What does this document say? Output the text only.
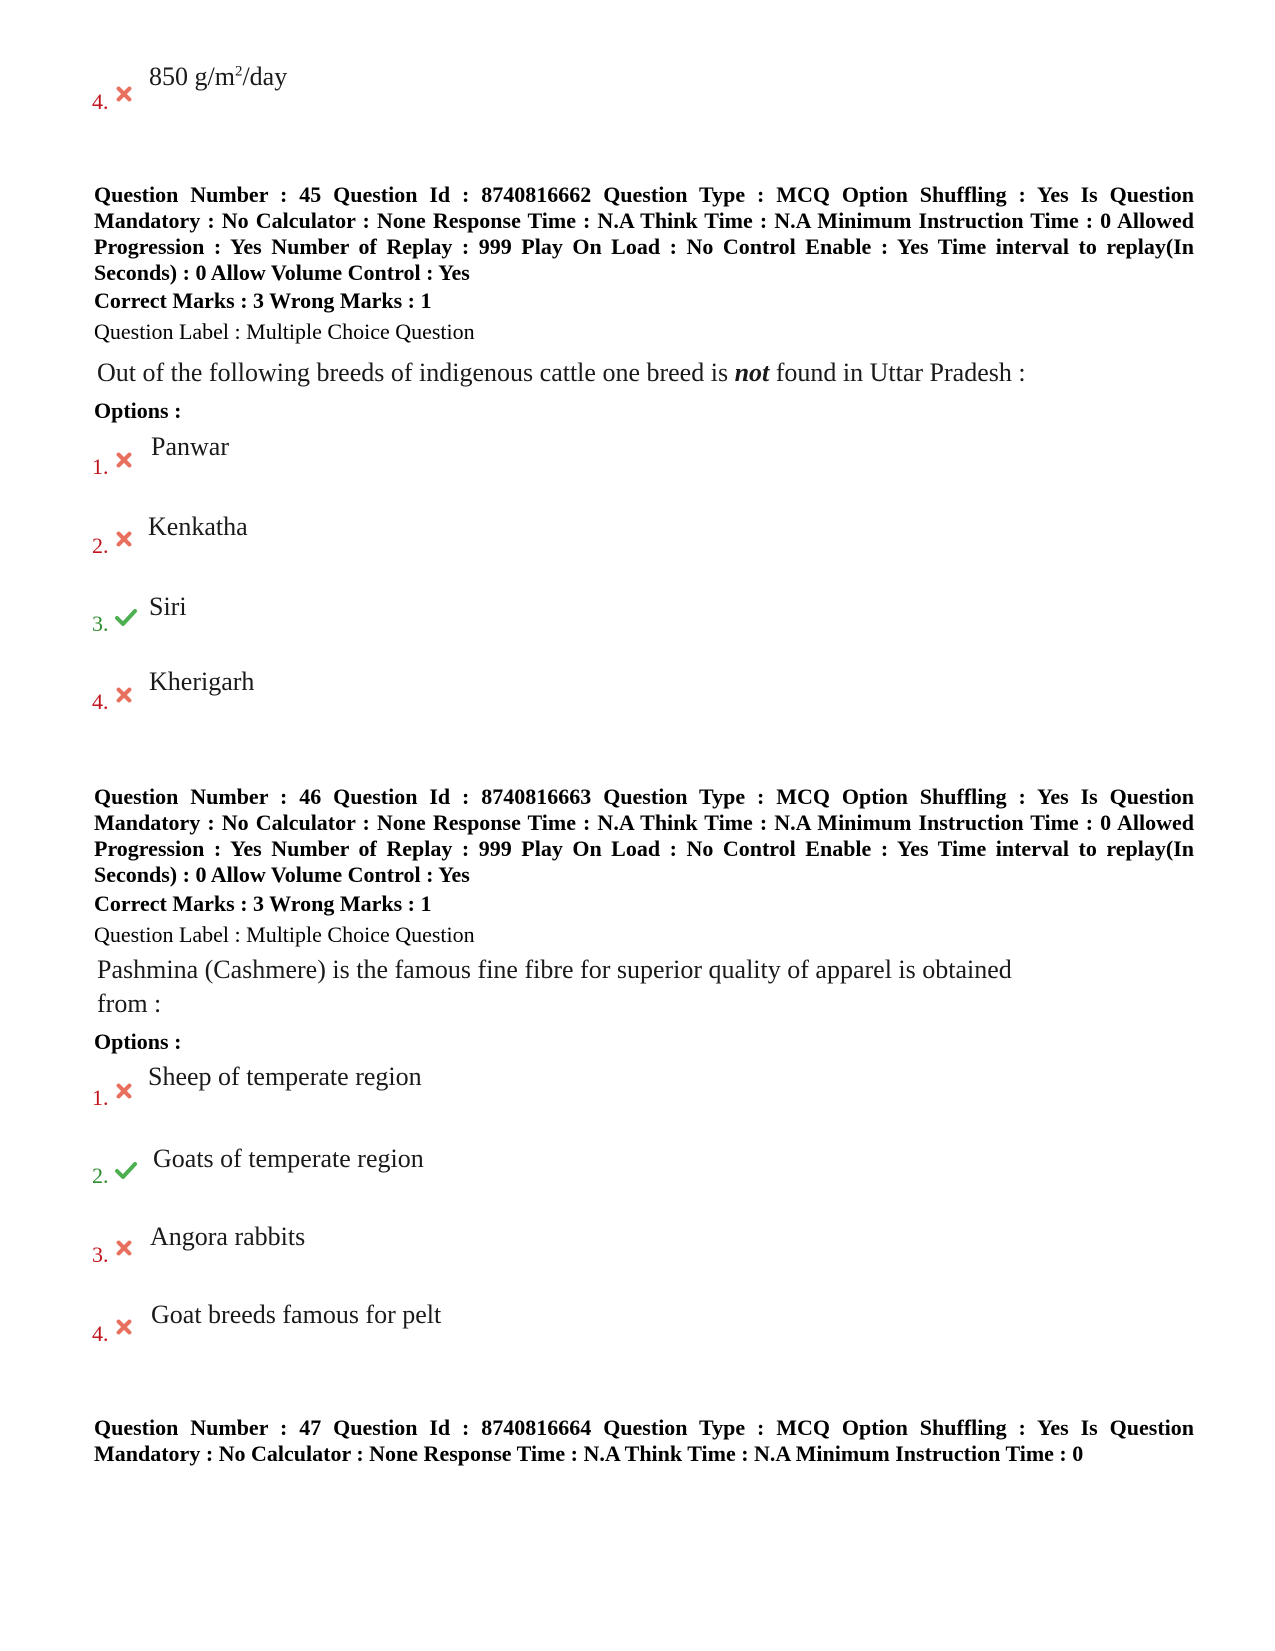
4.
850 $g/m^2$/day
Question Number : 45 Question Id : 8740816662 Question Type : MCQ Option Shuffling : Yes Is Question Mandatory : No Calculator : None Response Time : N.A Think Time : N.A Minimum Instruction Time : 0 Allowed Progression : Yes Number of Replay : 999 Play On Load : No Control Enable : Yes Time interval to replay(In Seconds) : 0 Allow Volume Control : Yes
Correct Marks : 3 Wrong Marks : 1
Question Label : Multiple Choice Question
Out of the following breeds of indigenous cattle one breed is not found in Uttar Pradesh :
Options :
1.
Panwar
2.
Kenkatha
3.
Siri
4.
Kherigarh
Question Number : 46 Question Id : 8740816663 Question Type : MCQ Option Shuffling : Yes Is Question Mandatory : No Calculator : None Response Time : N.A Think Time : N.A Minimum Instruction Time : 0 Allowed Progression : Yes Number of Replay : 999 Play On Load : No Control Enable : Yes Time interval to replay(In Seconds) : 0 Allow Volume Control : Yes
Correct Marks : 3 Wrong Marks : 1
Question Label : Multiple Choice Question
Pashmina (Cashmere) is the famous fine fibre for superior quality of apparel is obtained
from :
Options :
1.
Sheep of temperate region
2.
Goats of temperate region
3.
Angora rabbits
4.
Goat breeds famous for pelt
Question Number : 47 Question Id : 8740816664 Question Type : MCQ Option Shuffling : Yes Is Question Mandatory : No Calculator : None Response Time : N.A Think Time : N.A Minimum Instruction Time : 0
